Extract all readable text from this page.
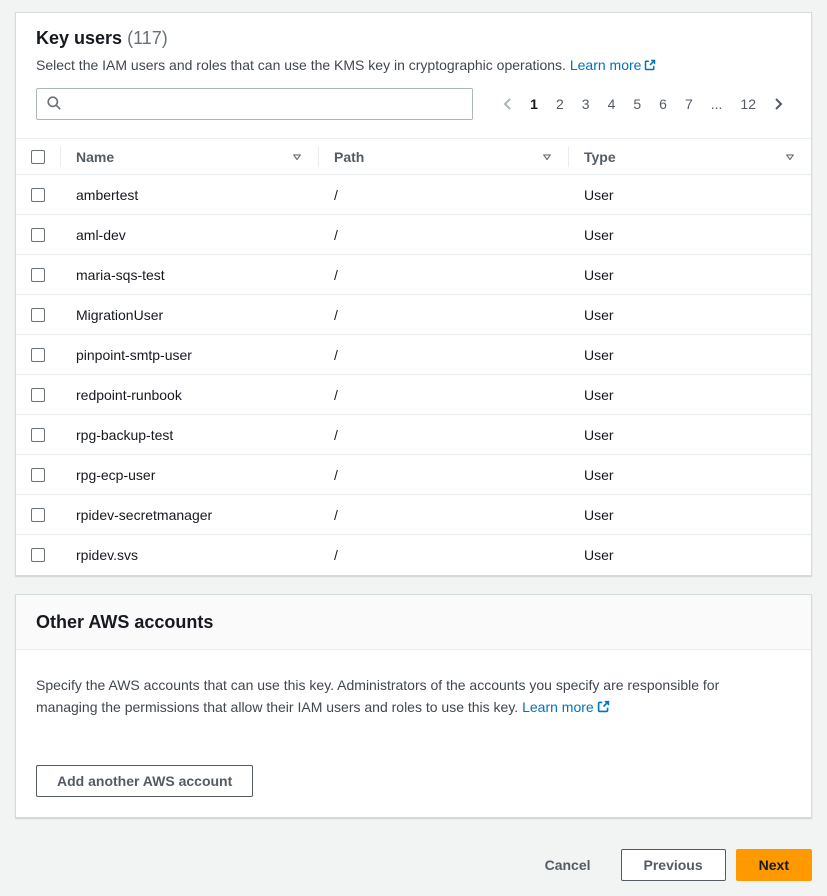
Key users (117)
Select the IAM users and roles that can use the KMS key in cryptographic operations. Learn more
1	2	3	4	5	6	7	...	12
Name	Path	Type
ambertest	/	User
aml-dev	/	User
maria-sqs-test	/	User
MigrationUser	/	User
pinpoint-smtp-user	/	User
redpoint-runbook	/	User
rpg-backup-test	/	User
rpg-ecp-user	/	User
rpidev-secretmanager	/	User
rpidev.svs	/	User
Other AWS accounts
Specify the AWS accounts that can use this key. Administrators of the accounts you specify are responsible for managing the permissions that allow their IAM users and roles to use this key. Learn more
Add another AWS account
Cancel	Previous	Next
